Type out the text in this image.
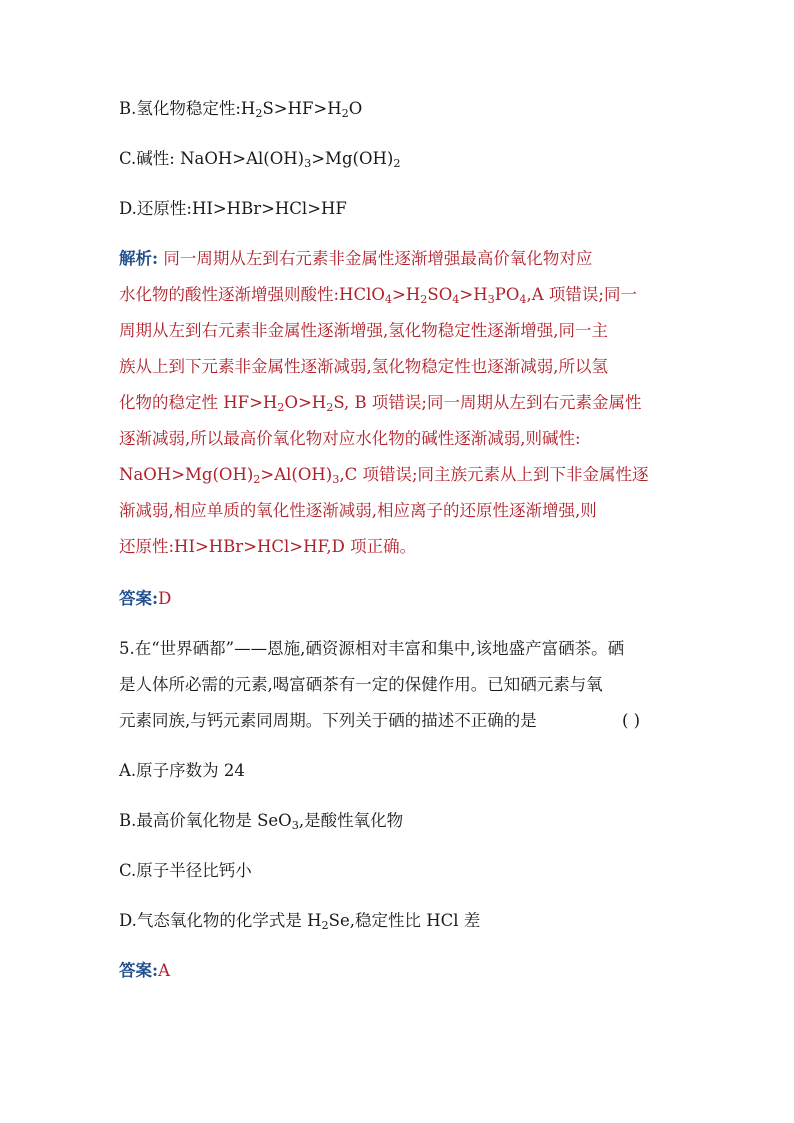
B.氢化物稳定性$:H_2S>HF>H_2O$
C.碱性: $NaOH>Al(OH)_3>Mg(OH)_2$
D.还原性:HI>HBr>HCl>HF
解析: 同一周期从左到右元素非金属性逐渐增强最高价氧化物对应
水化物的酸性逐渐增强则酸性$:HClO_4>H_2SO_4>H_3PO_4,A$ 项错误;同一
周期从左到右元素非金属性逐渐增强,氢化物稳定性逐渐增强,同一主
族从上到下元素非金属性逐渐减弱,氢化物稳定性也逐渐减弱,所以氢
化物的稳定性 $HF>H_2O>H_2S$, B 项错误;同一周期从左到右元素金属性
逐渐减弱,所以最高价氧化物对应水化物的碱性逐渐减弱,则碱性:
$NaOH>Mg(OH)_2>Al(OH)_3,C$ 项错误;同主族元素从上到下非金属性逐
渐减弱,相应单质的氧化性逐渐减弱,相应离子的还原性逐渐增强,则
还原性:HI>HBr>HCl>HF,D 项正确。
答案:D
5.在“世界硒都”——恩施,硒资源相对丰富和集中,该地盛产富硒茶。硒
是人体所必需的元素,喝富硒茶有一定的保健作用。已知硒元素与氧
元素同族,与钙元素同周期。下列关于硒的描述不正确的是	( )
A.原子序数为 24
B.最高价氧化物是 SeO$_3$,是酸性氧化物
C.原子半径比钙小
D.气态氧化物的化学式是 $H_2Se$,稳定性比 HCl 差
答案:A
